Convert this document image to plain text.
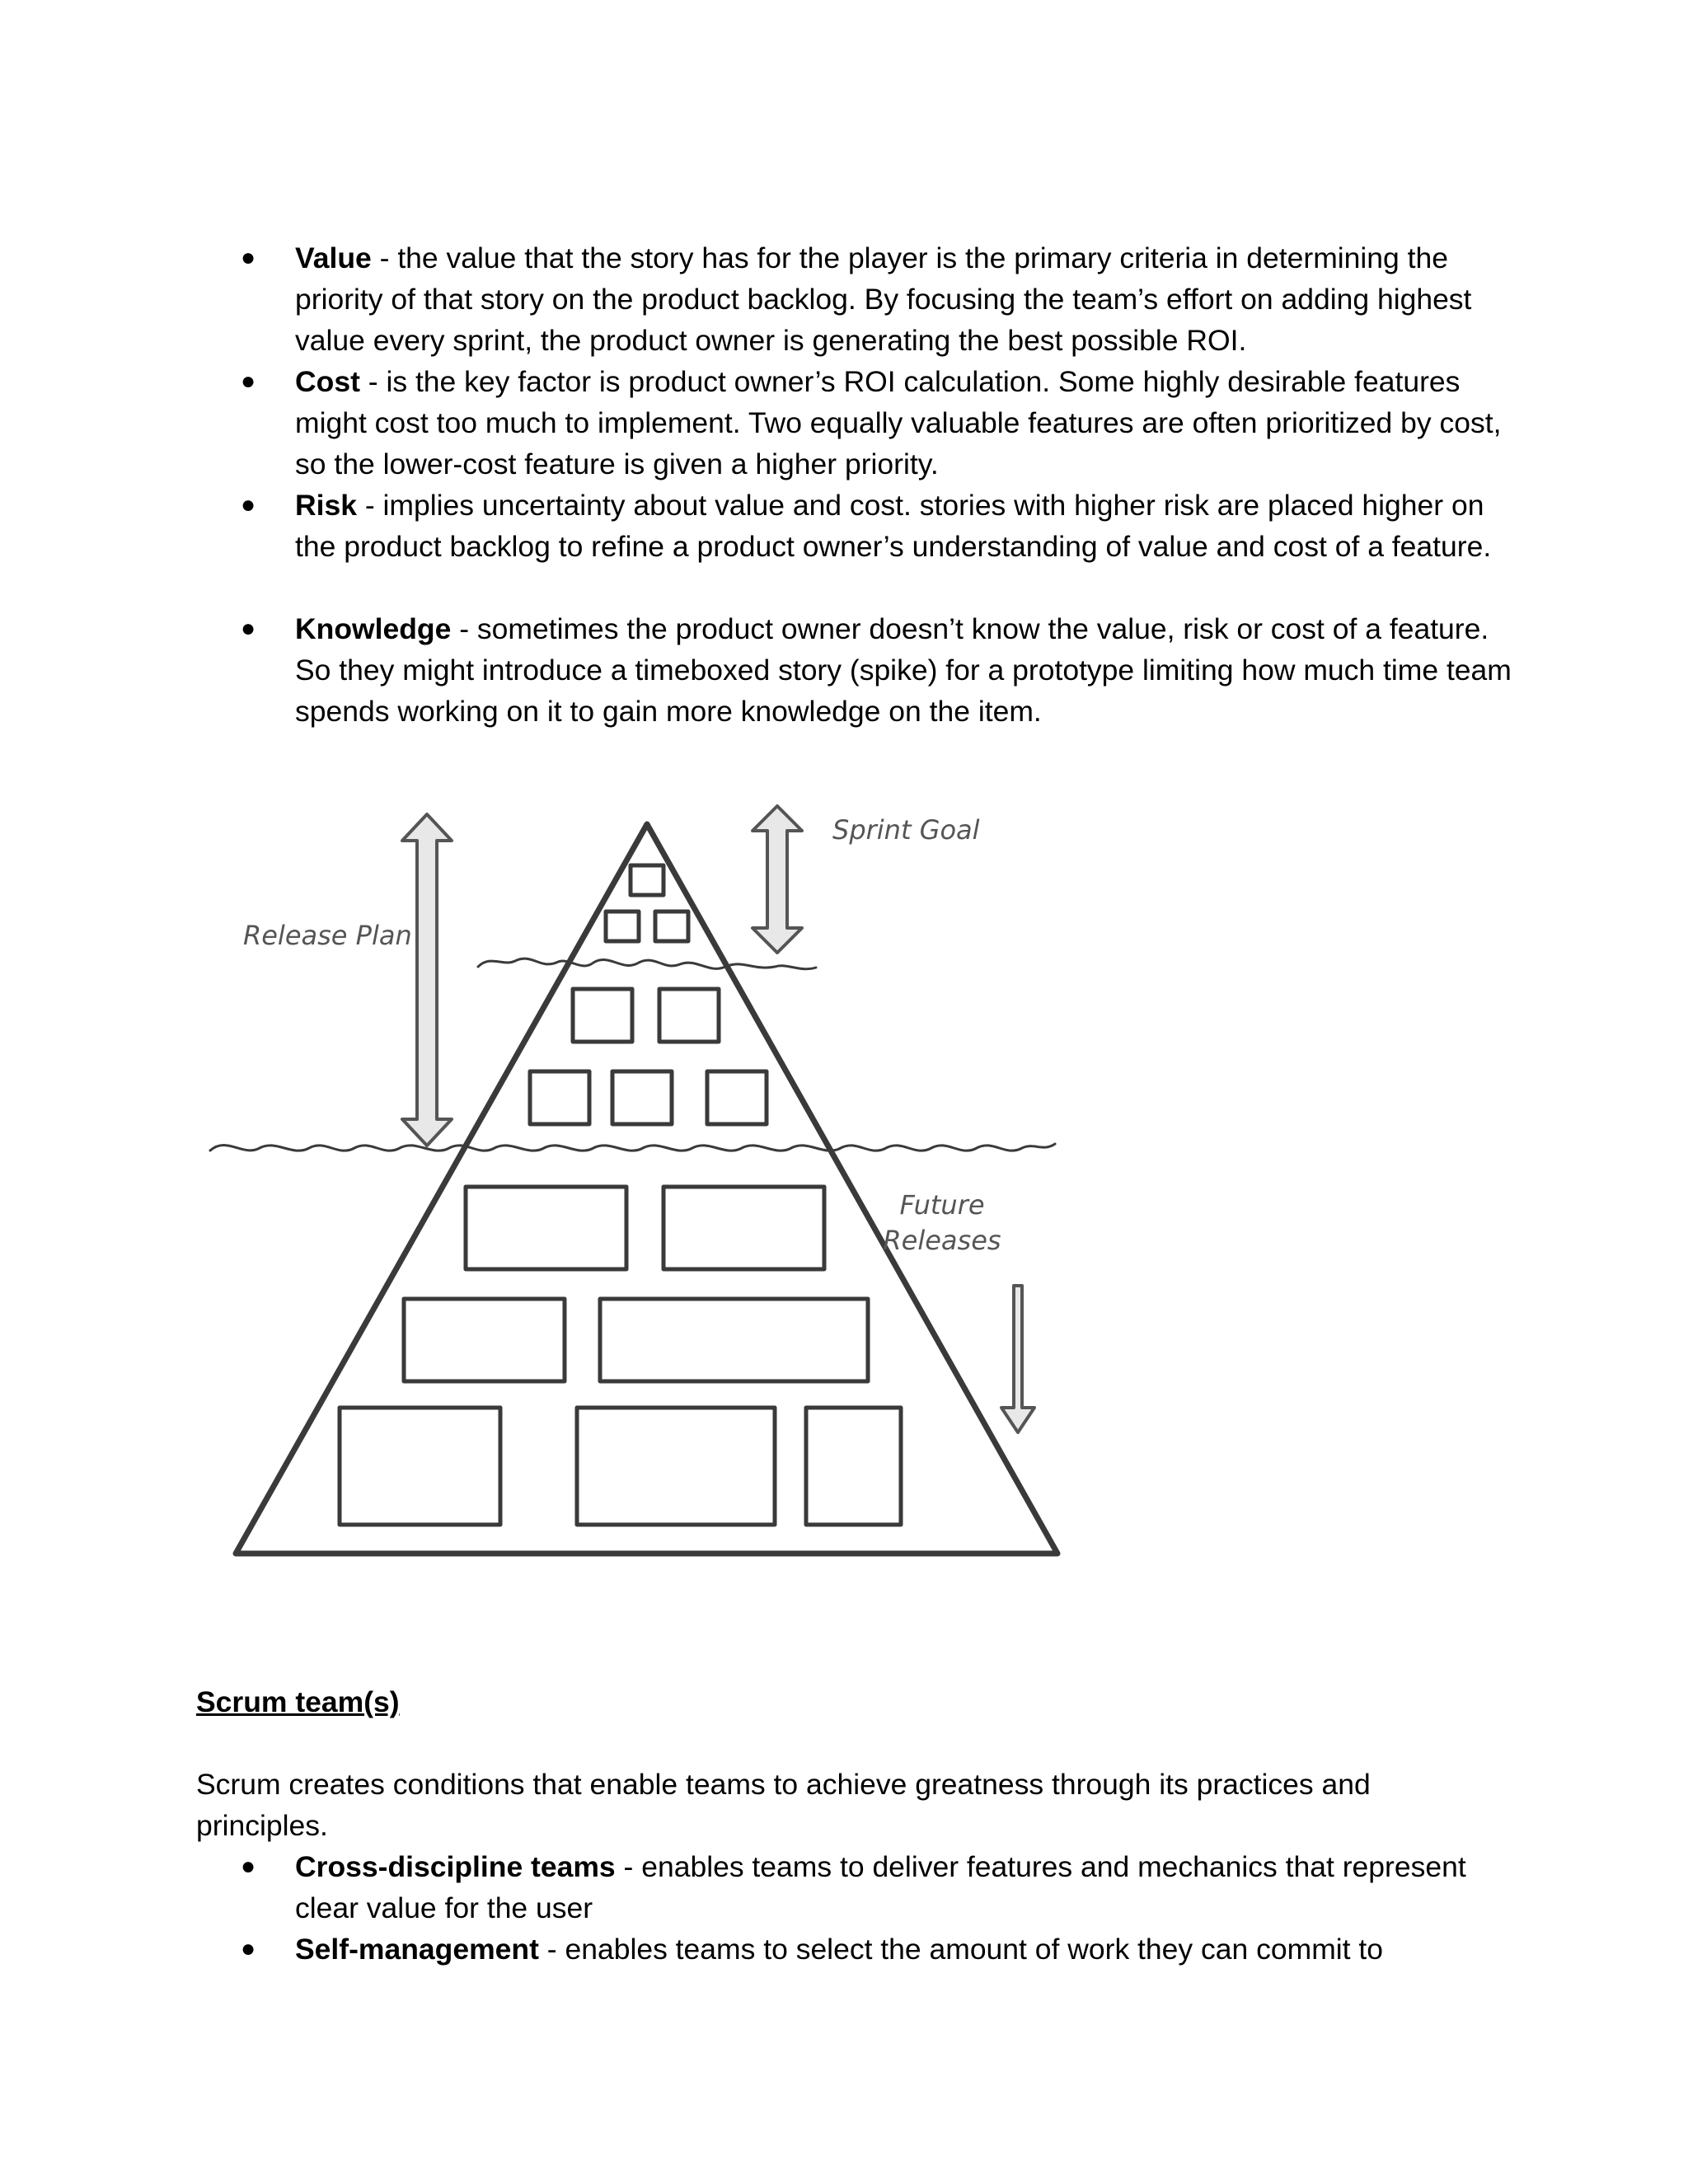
●	Value - the value that the story has for the player is the primary criteria in determining the priority of that story on the product backlog. By focusing the team’s effort on adding highest value every sprint, the product owner is generating the best possible ROI.
●	Cost - is the key factor is product owner’s ROI calculation. Some highly desirable features might cost too much to implement. Two equally valuable features are often prioritized by cost, so the lower-cost feature is given a higher priority.
●	Risk - implies uncertainty about value and cost. stories with higher risk are placed higher on the product backlog to refine a product owner’s understanding of value and cost of a feature.
●	Knowledge - sometimes the product owner doesn’t know the value, risk or cost of a feature. So they might introduce a timeboxed story (spike) for a prototype limiting how much time team spends working on it to gain more knowledge on the item.
Release Plan
Sprint Goal
Future
Releases
Scrum team(s)

Scrum creates conditions that enable teams to achieve greatness through its practices and principles.

●	Cross-discipline teams - enables teams to deliver features and mechanics that represent clear value for the user
●	Self-management - enables teams to select the amount of work they can commit to
